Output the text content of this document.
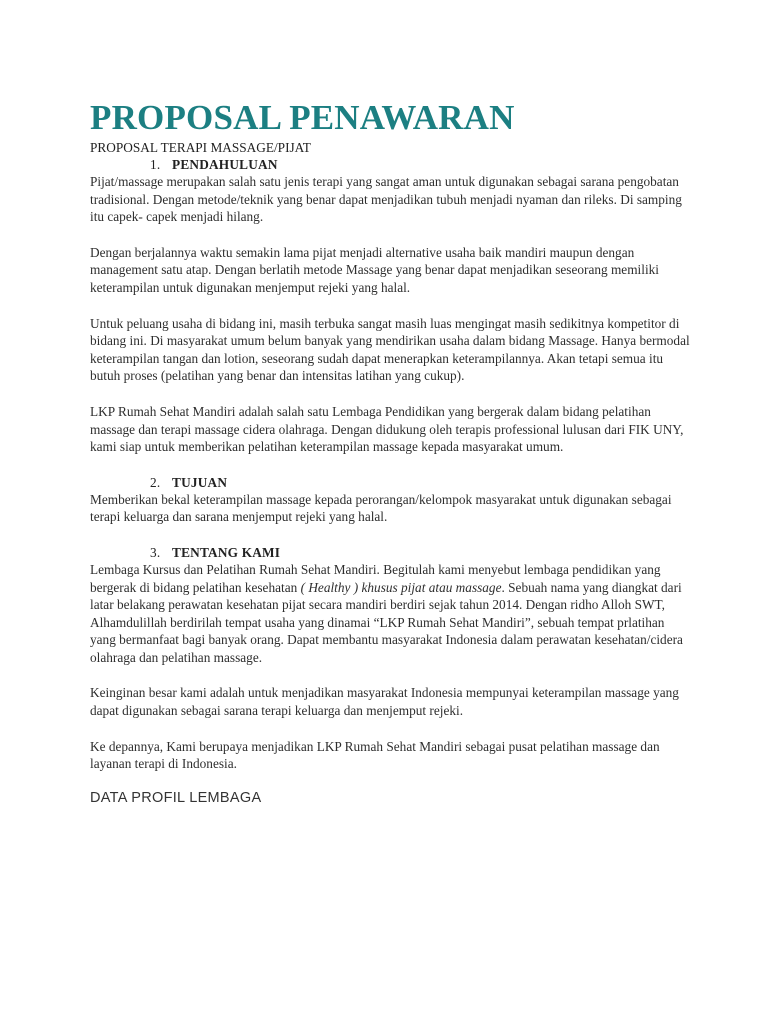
PROPOSAL PENAWARAN

PROPOSAL TERAPI MASSAGE/PIJAT

1. PENDAHULUAN

Pijat/massage merupakan salah satu jenis terapi yang sangat aman untuk digunakan sebagai sarana pengobatan tradisional. Dengan metode/teknik yang benar dapat menjadikan tubuh menjadi nyaman dan rileks. Di samping itu capek- capek menjadi hilang.

Dengan berjalannya waktu semakin lama pijat menjadi alternative usaha baik mandiri maupun dengan management satu atap. Dengan berlatih metode Massage yang benar dapat menjadikan seseorang memiliki keterampilan untuk digunakan menjemput rejeki yang halal.

Untuk peluang usaha di bidang ini, masih terbuka sangat masih luas mengingat masih sedikitnya kompetitor di bidang ini. Di masyarakat umum belum banyak yang mendirikan usaha dalam bidang Massage. Hanya bermodal keterampilan tangan dan lotion, seseorang sudah dapat menerapkan keterampilannya. Akan tetapi semua itu butuh proses (pelatihan yang benar dan intensitas latihan yang cukup).

LKP Rumah Sehat Mandiri adalah salah satu Lembaga Pendidikan yang bergerak dalam bidang pelatihan massage dan terapi massage cidera olahraga. Dengan didukung oleh terapis professional lulusan dari FIK UNY, kami siap untuk memberikan pelatihan keterampilan massage kepada masyarakat umum.

2. TUJUAN

Memberikan bekal keterampilan massage kepada perorangan/kelompok masyarakat untuk digunakan sebagai terapi keluarga dan sarana menjemput rejeki yang halal.

3. TENTANG KAMI

Lembaga Kursus dan Pelatihan Rumah Sehat Mandiri. Begitulah kami menyebut lembaga pendidikan yang bergerak di bidang pelatihan kesehatan ( Healthy ) khusus pijat atau massage. Sebuah nama yang diangkat dari latar belakang perawatan kesehatan pijat secara mandiri berdiri sejak tahun 2014. Dengan ridho Alloh SWT, Alhamdulillah berdirilah tempat usaha yang dinamai “LKP Rumah Sehat Mandiri”, sebuah tempat prlatihan yang bermanfaat bagi banyak orang. Dapat membantu masyarakat Indonesia dalam perawatan kesehatan/cidera olahraga dan pelatihan massage.

Keinginan besar kami adalah untuk menjadikan masyarakat Indonesia mempunyai keterampilan massage yang dapat digunakan sebagai sarana terapi keluarga dan menjemput rejeki.

Ke depannya, Kami berupaya menjadikan LKP Rumah Sehat Mandiri sebagai pusat pelatihan massage dan layanan terapi di Indonesia.

DATA PROFIL LEMBAGA
